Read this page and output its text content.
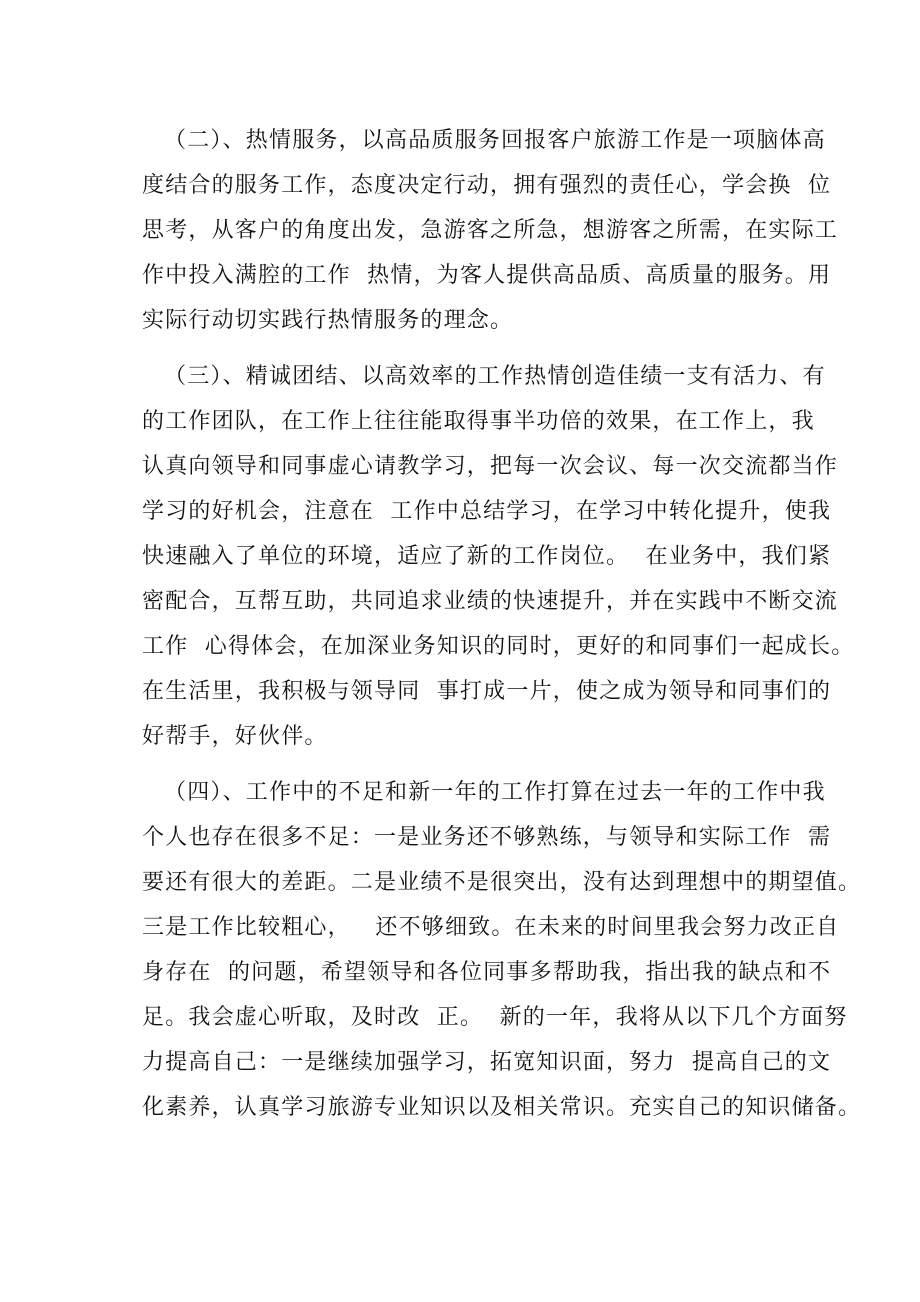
（二）、热情服务，以高品质服务回报客户旅游工作是一项脑体高
度结合的服务工作，态度决定行动，拥有强烈的责任心，学会换  位
思考，从客户的角度出发，急游客之所急，想游客之所需，在实际工
作中投入满腔的工作  热情，为客人提供高品质、高质量的服务。用
实际行动切实践行热情服务的理念。
（三）、精诚团结、以高效率的工作热情创造佳绩一支有活力、有
的工作团队，在工作上往往能取得事半功倍的效果，在工作上，我
认真向领导和同事虚心请教学习，把每一次会议、每一次交流都当作
学习的好机会，注意在  工作中总结学习，在学习中转化提升，使我
快速融入了单位的环境，适应了新的工作岗位。  在业务中，我们紧
密配合，互帮互助，共同追求业绩的快速提升，并在实践中不断交流
工作  心得体会，在加深业务知识的同时，更好的和同事们一起成长。
在生活里，我积极与领导同  事打成一片，使之成为领导和同事们的
好帮手，好伙伴。
（四）、工作中的不足和新一年的工作打算在过去一年的工作中我
个人也存在很多不足：一是业务还不够熟练，与领导和实际工作  需
要还有很大的差距。二是业绩不是很突出，没有达到理想中的期望值。
三是工作比较粗心，   还不够细致。在未来的时间里我会努力改正自
身存在  的问题，希望领导和各位同事多帮助我，指出我的缺点和不
足。我会虚心听取，及时改  正。  新的一年，我将从以下几个方面努
力提高自己：一是继续加强学习，拓宽知识面，努力  提高自己的文
化素养，认真学习旅游专业知识以及相关常识。充实自己的知识储备。
